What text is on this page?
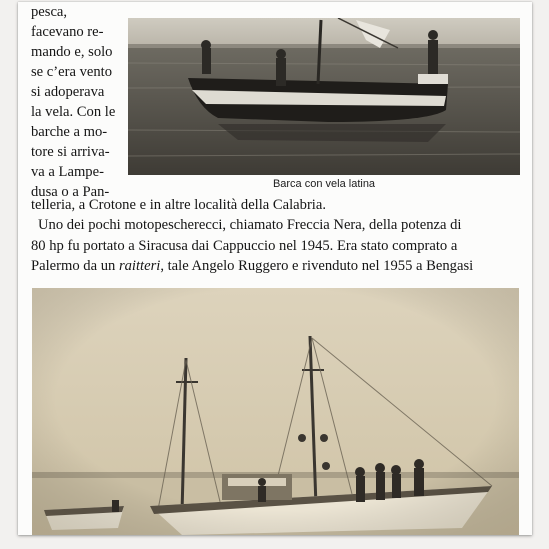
pesca,
facevano re-
mando e, solo
se c’era vento
si adoperava
la vela. Con le
barche a mo-
tore si arriva-
va a Lampe-
dusa o a Pan-	Barca con vela latina
telleria, a Crotone e in altre località della Calabria.
Uno dei pochi motopescherecci, chiamato Freccia Nera, della potenza di
80 hp fu portato a Siracusa dai Cappuccio nel 1945. Era stato comprato a
Palermo da un raitteri, tale Angelo Ruggero e rivenduto nel 1955 a Bengasi
